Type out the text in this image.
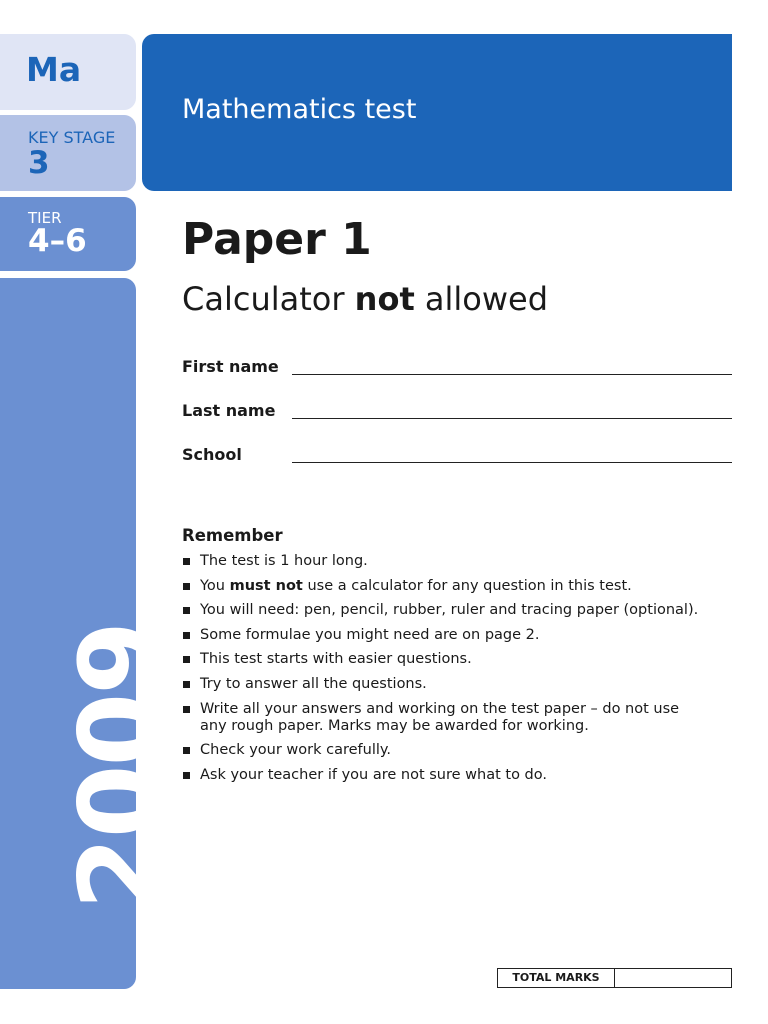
Ma
KEY STAGE
3
TIER
4–6
2009
Mathematics test
Paper 1
Calculator not allowed
First name
Last name
School
Remember
The test is 1 hour long.
You must not use a calculator for any question in this test.
You will need: pen, pencil, rubber, ruler and tracing paper (optional).
Some formulae you might need are on page 2.
This test starts with easier questions.
Try to answer all the questions.
Write all your answers and working on the test paper – do not use any rough paper. Marks may be awarded for working.
Check your work carefully.
Ask your teacher if you are not sure what to do.
TOTAL MARKS
